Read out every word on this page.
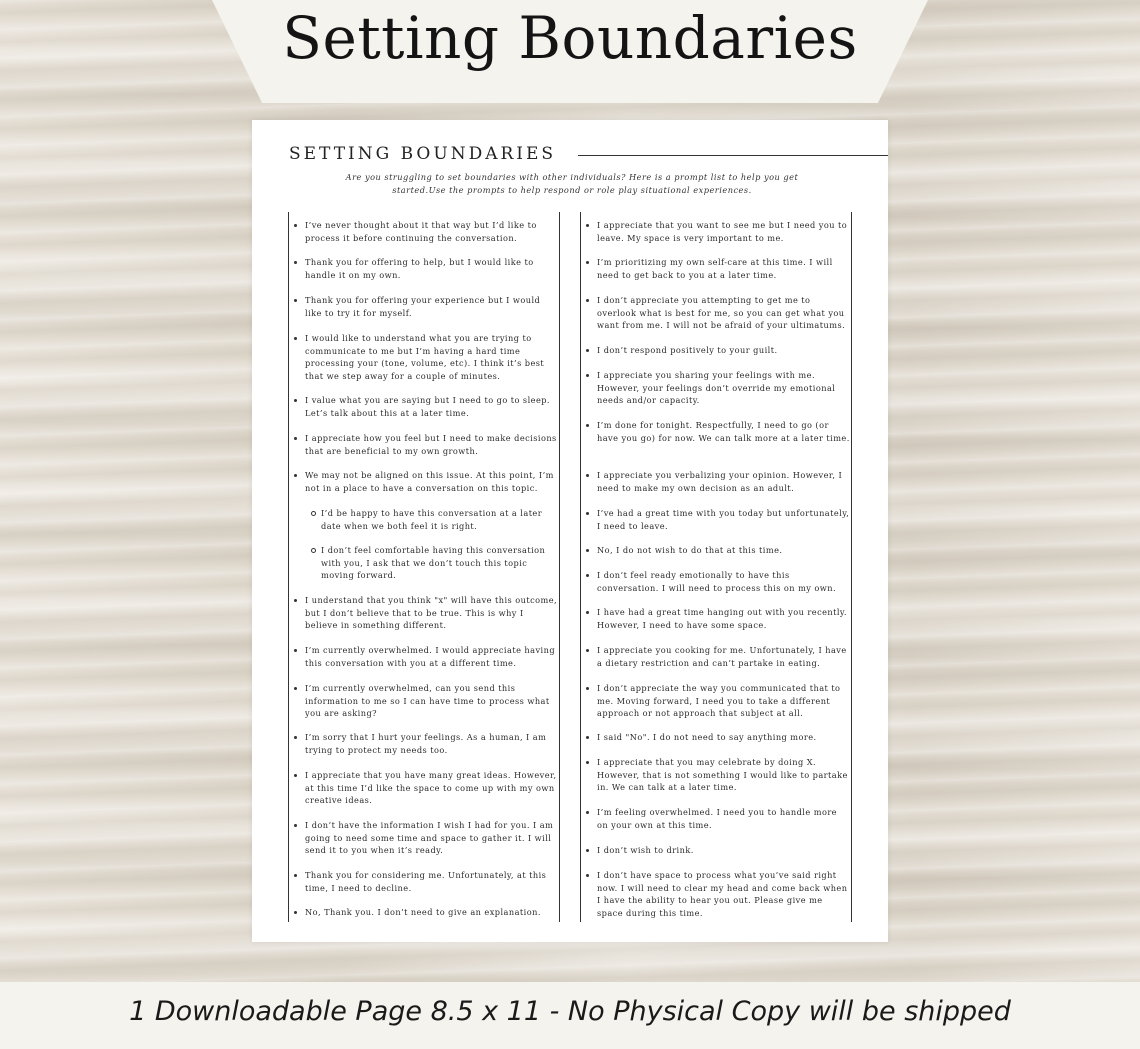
Setting Boundaries
SETTING BOUNDARIES

Are you struggling to set boundaries with other individuals? Here is a prompt list to help you get started.Use the prompts to help respond or role play situational experiences.

I’ve never thought about it that way but I’d like to process it before continuing the conversation.
Thank you for offering to help, but I would like to handle it on my own.
Thank you for offering your experience but I would like to try it for myself.
I would like to understand what you are trying to communicate to me but I’m having a hard time processing your (tone, volume, etc). I think it’s best that we step away for a couple of minutes.
I value what you are saying but I need to go to sleep. Let’s talk about this at a later time.
I appreciate how you feel but I need to make decisions that are beneficial to my own growth.
We may not be aligned on this issue. At this point, I’m not in a place to have a conversation on this topic.
I’d be happy to have this conversation at a later date when we both feel it is right.
I don’t feel comfortable having this conversation with you, I ask that we don’t touch this topic moving forward.
I understand that you think "x" will have this outcome, but I don’t believe that to be true. This is why I believe in something different.
I’m currently overwhelmed. I would appreciate having this conversation with you at a different time.
I’m currently overwhelmed, can you send this information to me so I can have time to process what you are asking?
I’m sorry that I hurt your feelings. As a human, I am trying to protect my needs too.
I appreciate that you have many great ideas. However, at this time I’d like the space to come up with my own creative ideas.
I don’t have the information I wish I had for you. I am going to need some time and space to gather it. I will send it to you when it’s ready.
Thank you for considering me. Unfortunately, at this time, I need to decline.
No, Thank you. I don’t need to give an explanation.
I appreciate that you want to see me but I need you to leave. My space is very important to me.
I’m prioritizing my own self-care at this time. I will need to get back to you at a later time.
I don’t appreciate you attempting to get me to overlook what is best for me, so you can get what you want from me. I will not be afraid of your ultimatums.
I don’t respond positively to your guilt.
I appreciate you sharing your feelings with me. However, your feelings don’t override my emotional needs and/or capacity.
I’m done for tonight. Respectfully, I need to go (or have you go) for now. We can talk more at a later time.
I appreciate you verbalizing your opinion. However, I need to make my own decision as an adult.
I’ve had a great time with you today but unfortunately, I need to leave.
No, I do not wish to do that at this time.
I don’t feel ready emotionally to have this conversation. I will need to process this on my own.
I have had a great time hanging out with you recently. However, I need to have some space.
I appreciate you cooking for me. Unfortunately, I have a dietary restriction and can’t partake in eating.
I don’t appreciate the way you communicated that to me. Moving forward, I need you to take a different approach or not approach that subject at all.
I said "No". I do not need to say anything more.
I appreciate that you may celebrate by doing X. However, that is not something I would like to partake in. We can talk at a later time.
I’m feeling overwhelmed. I need you to handle more on your own at this time.
I don’t wish to drink.
I don’t have space to process what you’ve said right now. I will need to clear my head and come back when I have the ability to hear you out. Please give me space during this time.

1 Downloadable Page 8.5 x 11 - No Physical Copy will be shipped
